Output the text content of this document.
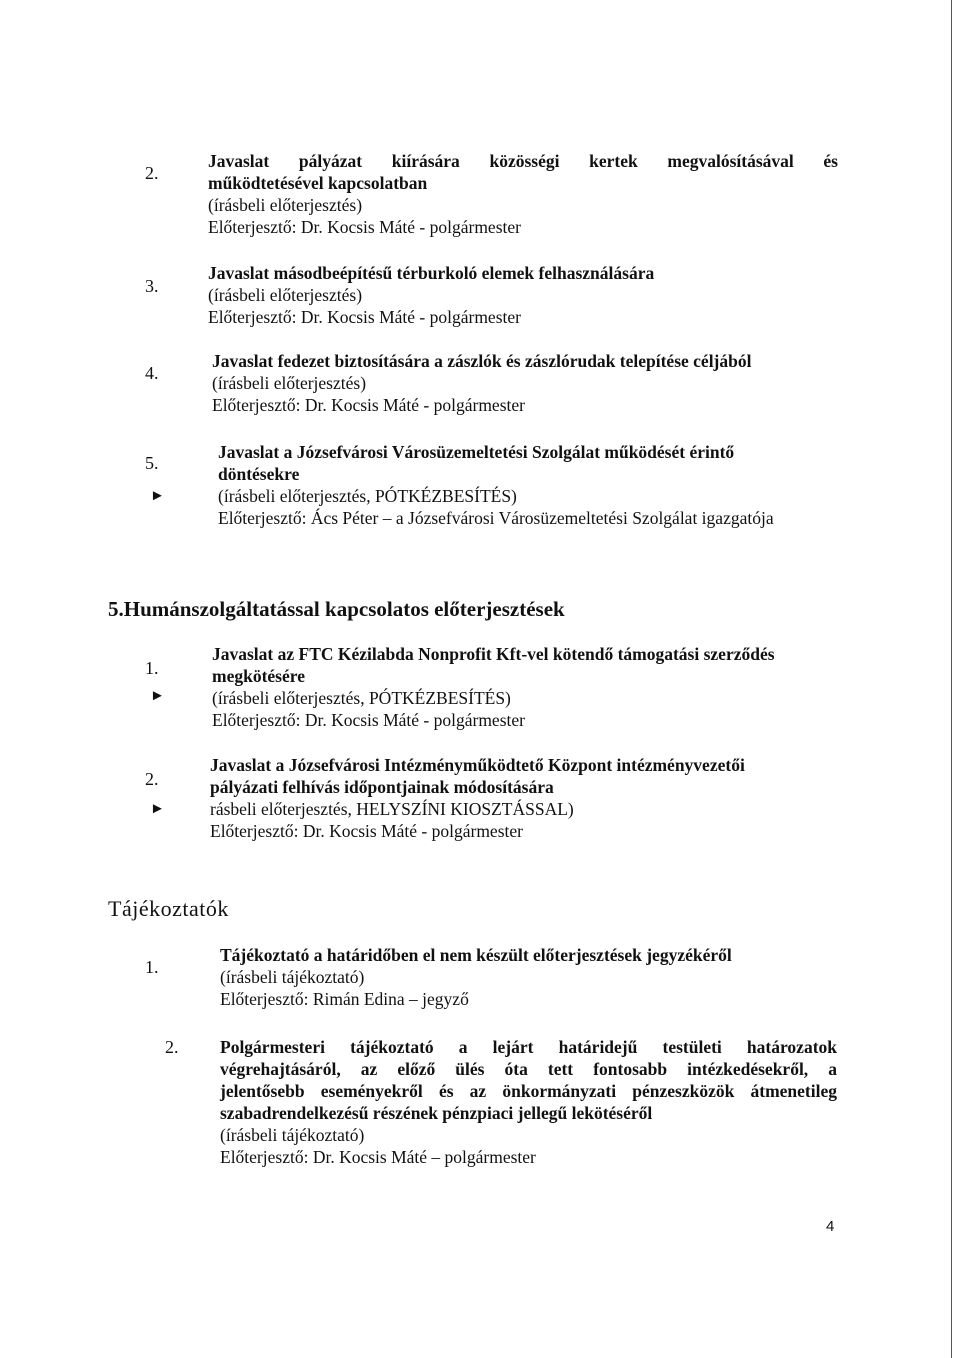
2.
Javaslat pályázat kiírására közösségi kertek megvalósításával és
működtetésével kapcsolatban
(írásbeli előterjesztés)
Előterjesztő: Dr. Kocsis Máté - polgármester
3.
Javaslat másodbeépítésű térburkoló elemek felhasználására
(írásbeli előterjesztés)
Előterjesztő: Dr. Kocsis Máté - polgármester
4.
Javaslat fedezet biztosítására a zászlók és zászlórudak telepítése céljából
(írásbeli előterjesztés)
Előterjesztő: Dr. Kocsis Máté - polgármester
5.
►
Javaslat a Józsefvárosi Városüzemeltetési Szolgálat működését érintő
döntésekre
(írásbeli előterjesztés, PÓTKÉZBESÍTÉS)
Előterjesztő: Ács Péter – a Józsefvárosi Városüzemeltetési Szolgálat igazgatója
5.Humánszolgáltatással kapcsolatos előterjesztések
1.
►
Javaslat az FTC Kézilabda Nonprofit Kft-vel kötendő támogatási szerződés
megkötésére
(írásbeli előterjesztés, PÓTKÉZBESÍTÉS)
Előterjesztő: Dr. Kocsis Máté - polgármester
2.
►
Javaslat a Józsefvárosi Intézményműködtető Központ intézményvezetői
pályázati felhívás időpontjainak módosítására
rásbeli előterjesztés, HELYSZÍNI KIOSZTÁSSAL)
Előterjesztő: Dr. Kocsis Máté - polgármester
Tájékoztatók
1.
Tájékoztató a határidőben el nem készült előterjesztések jegyzékéről
(írásbeli tájékoztató)
Előterjesztő: Rimán Edina – jegyző
2. Polgármesteri tájékoztató a lejárt határidejű testületi határozatok
végrehajtásáról, az előző ülés óta tett fontosabb intézkedésekről, a
jelentősebb eseményekről és az önkormányzati pénzeszközök átmenetileg
szabadrendelkezésű részének pénzpiaci jellegű lekötéséről
(írásbeli tájékoztató)
Előterjesztő: Dr. Kocsis Máté – polgármester
4
